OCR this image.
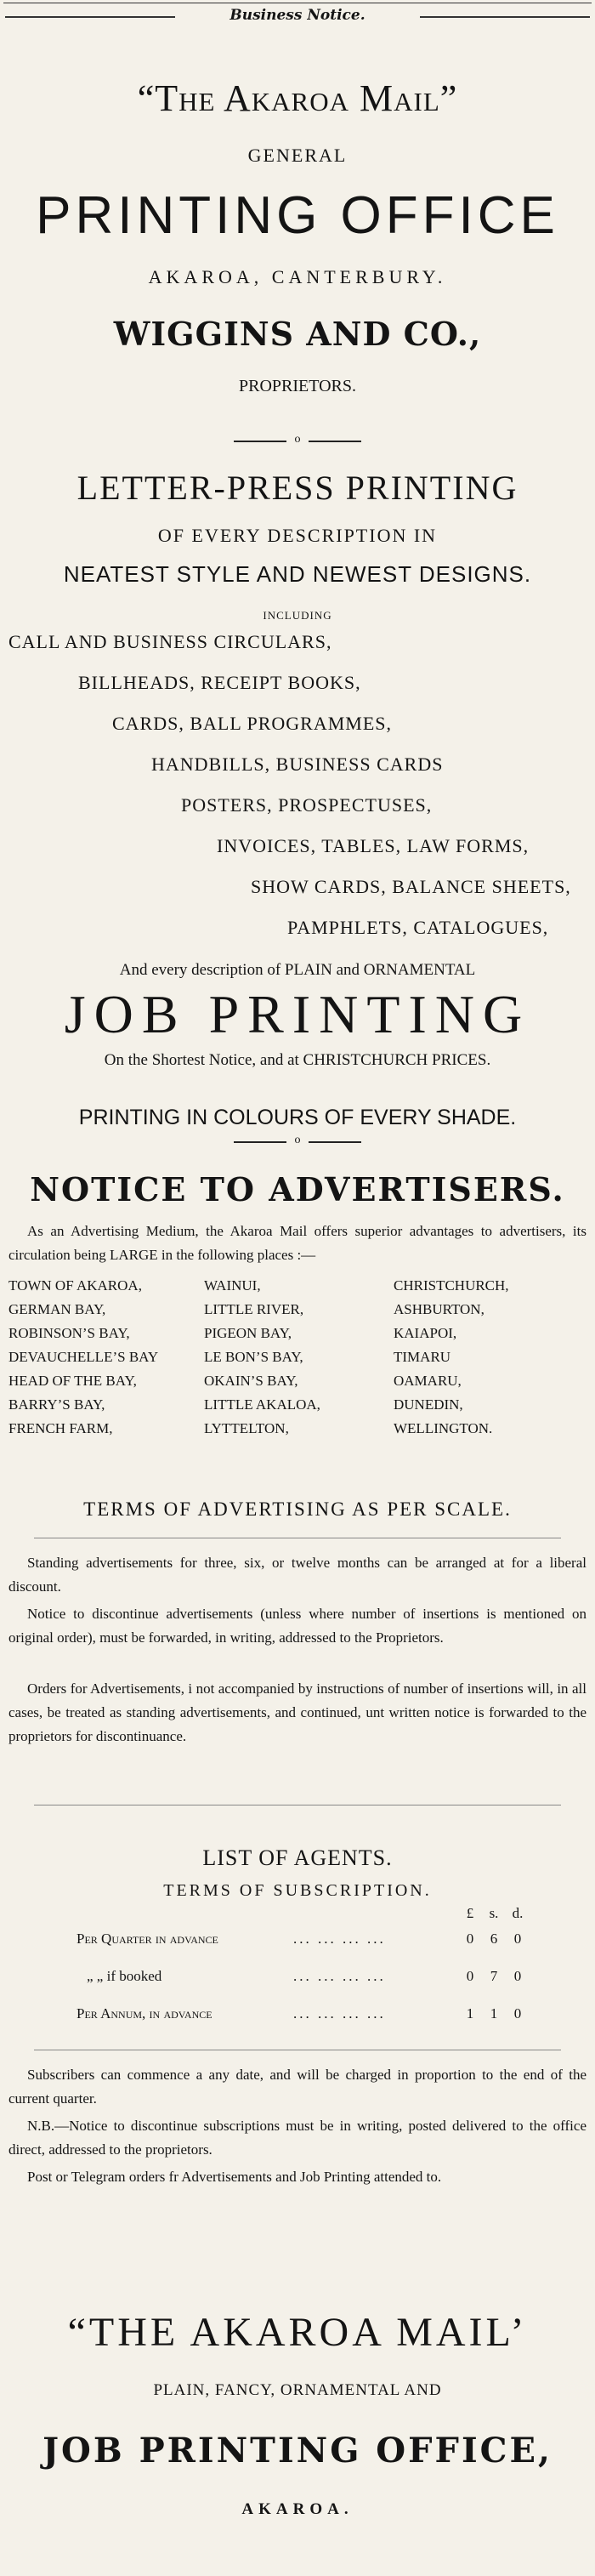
Business Notice.
“The Akaroa Mail”
GENERAL
PRINTING OFFICE
AKAROA, CANTERBURY.
WIGGINS AND CO.,
PROPRIETORS.
o
LETTER-PRESS PRINTING
OF EVERY DESCRIPTION IN
NEATEST STYLE AND NEWEST DESIGNS.
INCLUDING
CALL AND BUSINESS CIRCULARS,
BILLHEADS, RECEIPT BOOKS,
CARDS, BALL PROGRAMMES,
HANDBILLS, BUSINESS CARDS
POSTERS, PROSPECTUSES,
INVOICES, TABLES, LAW FORMS,
SHOW CARDS, BALANCE SHEETS,
And every description of PLAIN and ORNAMENTAL
JOB PRINTING
On the Shortest Notice, and at CHRISTCHURCH PRICES.
PRINTING IN COLOURS OF EVERY SHADE.
o
NOTICE TO ADVERTISERS.
As an Advertising Medium, the Akaroa Mail offers superior advantages to advertisers, its circulation being LARGE in the following places :—
TOWN OF AKAROA,
GERMAN BAY,
ROBINSON’S BAY,
DEVAUCHELLE’S BAY
HEAD OF THE BAY,
BARRY’S BAY,
FRENCH FARM,
WAINUI,
LITTLE RIVER,
PIGEON BAY,
LE BON’S BAY,
OKAIN’S BAY,
LITTLE AKALOA,
LYTTELTON,
CHRISTCHURCH,
ASHBURTON,
KAIAPOI,
TIMARU
OAMARU,
DUNEDIN,
WELLINGTON.
TERMS OF ADVERTISING AS PER SCALE.
Standing advertisements for three, six, or twelve months can be arranged at for a liberal discount.
Notice to discontinue advertisements (unless where number of insertions is mentioned on original order), must be forwarded, in writing, addressed to the Proprietors.
Orders for Advertisements, i not accompanied by instructions of number of insertions will, in all cases, be treated as standing advertisements, and continued, unt written notice is forwarded to the proprietors for discontinuance.
LIST OF AGENTS.
TERMS OF SUBSCRIPTION.
£	s. d.
Per Quarter in advance	... ... ... ...	0	6	0
„ „ if booked	... ... ... ...	0	7	0
Per Annum, in advance	... ... ... ...	1	1	0
Subscribers can commence a any date, and will be charged in proportion to the end of the current quarter.
N.B.—Notice to discontinue subscriptions must be in writing, posted delivered to the office direct, addressed to the proprietors.
Post or Telegram orders fr Advertisements and Job Printing attended to.
“THE AKAROA MAIL’
PLAIN, FANCY, ORNAMENTAL AND
JOB PRINTING OFFICE,
AKAROA.
PAMPHLETS, CATALOGUES,
